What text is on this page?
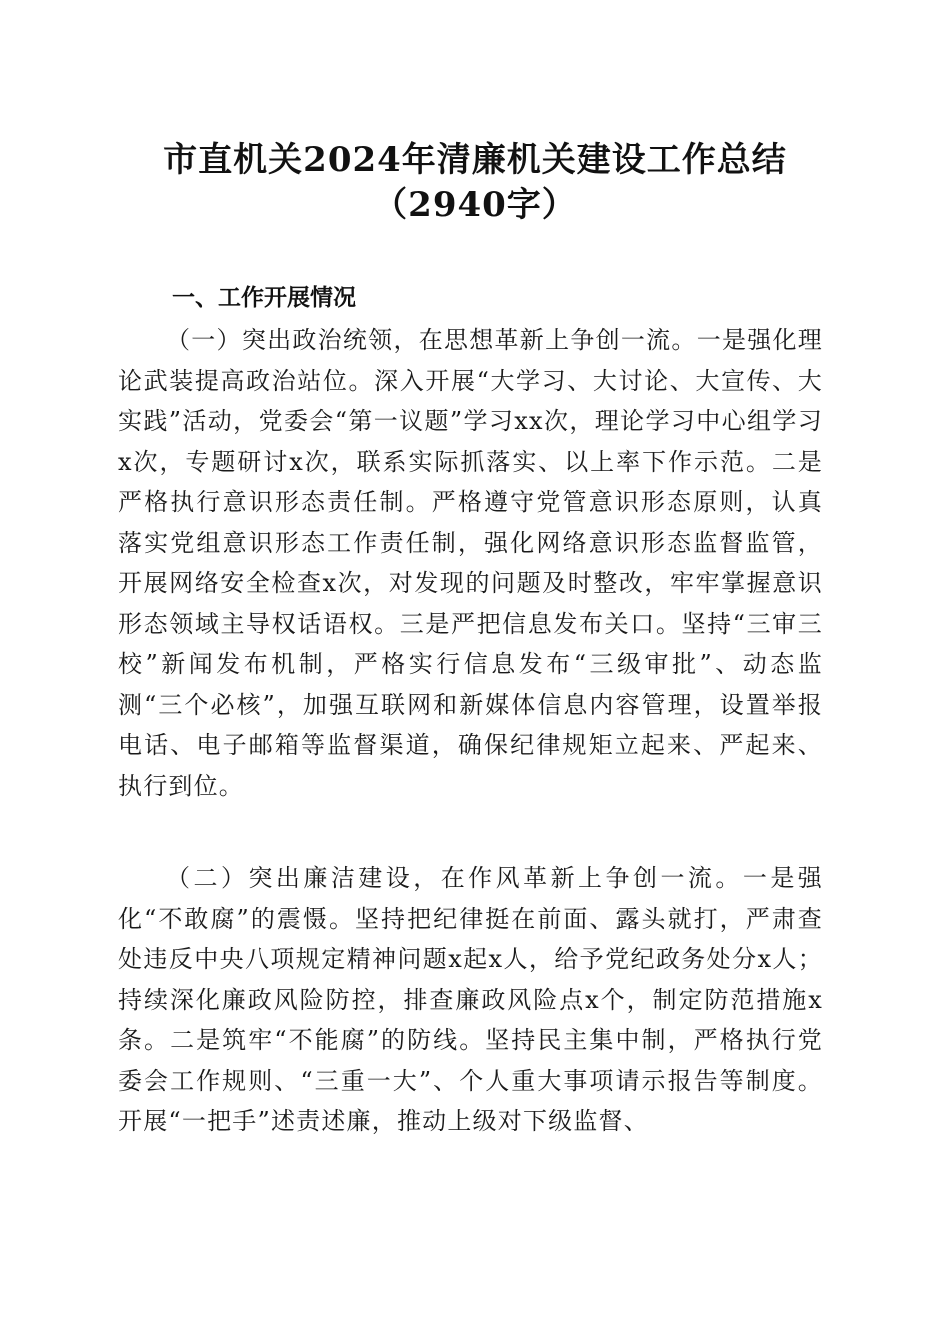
市直机关2024年清廉机关建设工作总结
（2940字）
一、工作开展情况

（一）突出政治统领，在思想革新上争创一流。一是强化理论武装提高政治站位。深入开展“大学习、大讨论、大宣传、大实践”活动，党委会“第一议题”学习xx次，理论学习中心组学习x次，专题研讨x次，联系实际抓落实、以上率下作示范。二是严格执行意识形态责任制。严格遵守党管意识形态原则，认真落实党组意识形态工作责任制，强化网络意识形态监督监管，开展网络安全检查x次，对发现的问题及时整改，牢牢掌握意识形态领域主导权话语权。三是严把信息发布关口。坚持“三审三校”新闻发布机制，严格实行信息发布“三级审批”、动态监测“三个必核”，加强互联网和新媒体信息内容管理，设置举报电话、电子邮箱等监督渠道，确保纪律规矩立起来、严起来、执行到位。

（二）突出廉洁建设，在作风革新上争创一流。一是强化“不敢腐”的震慑。坚持把纪律挺在前面、露头就打，严肃查处违反中央八项规定精神问题x起x人，给予党纪政务处分x人；持续深化廉政风险防控，排查廉政风险点x个，制定防范措施x条。二是筑牢“不能腐”的防线。坚持民主集中制，严格执行党委会工作规则、“三重一大”、个人重大事项请示报告等制度。开展“一把手”述责述廉，推动上级对下级监督、
